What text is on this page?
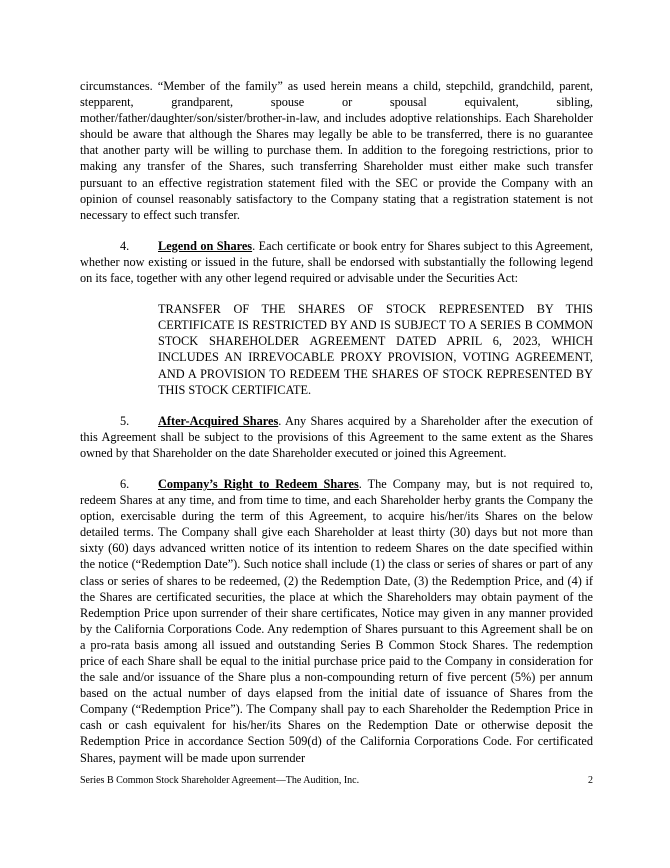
circumstances. “Member of the family” as used herein means a child, stepchild, grandchild, parent, stepparent, grandparent, spouse or spousal equivalent, sibling, mother/father/daughter/son/sister/brother-in-law, and includes adoptive relationships. Each Shareholder should be aware that although the Shares may legally be able to be transferred, there is no guarantee that another party will be willing to purchase them. In addition to the foregoing restrictions, prior to making any transfer of the Shares, such transferring Shareholder must either make such transfer pursuant to an effective registration statement filed with the SEC or provide the Company with an opinion of counsel reasonably satisfactory to the Company stating that a registration statement is not necessary to effect such transfer.

4. Legend on Shares. Each certificate or book entry for Shares subject to this Agreement, whether now existing or issued in the future, shall be endorsed with substantially the following legend on its face, together with any other legend required or advisable under the Securities Act:

TRANSFER OF THE SHARES OF STOCK REPRESENTED BY THIS CERTIFICATE IS RESTRICTED BY AND IS SUBJECT TO A SERIES B COMMON STOCK SHAREHOLDER AGREEMENT DATED APRIL 6, 2023, WHICH INCLUDES AN IRREVOCABLE PROXY PROVISION, VOTING AGREEMENT, AND A PROVISION TO REDEEM THE SHARES OF STOCK REPRESENTED BY THIS STOCK CERTIFICATE.

5. After-Acquired Shares. Any Shares acquired by a Shareholder after the execution of this Agreement shall be subject to the provisions of this Agreement to the same extent as the Shares owned by that Shareholder on the date Shareholder executed or joined this Agreement.

6. Company’s Right to Redeem Shares. The Company may, but is not required to, redeem Shares at any time, and from time to time, and each Shareholder herby grants the Company the option, exercisable during the term of this Agreement, to acquire his/her/its Shares on the below detailed terms. The Company shall give each Shareholder at least thirty (30) days but not more than sixty (60) days advanced written notice of its intention to redeem Shares on the date specified within the notice (“Redemption Date”). Such notice shall include (1) the class or series of shares or part of any class or series of shares to be redeemed, (2) the Redemption Date, (3) the Redemption Price, and (4) if the Shares are certificated securities, the place at which the Shareholders may obtain payment of the Redemption Price upon surrender of their share certificates, Notice may given in any manner provided by the California Corporations Code. Any redemption of Shares pursuant to this Agreement shall be on a pro-rata basis among all issued and outstanding Series B Common Stock Shares. The redemption price of each Share shall be equal to the initial purchase price paid to the Company in consideration for the sale and/or issuance of the Share plus a non-compounding return of five percent (5%) per annum based on the actual number of days elapsed from the initial date of issuance of Shares from the Company (“Redemption Price”). The Company shall pay to each Shareholder the Redemption Price in cash or cash equivalent for his/her/its Shares on the Redemption Date or otherwise deposit the Redemption Price in accordance Section 509(d) of the California Corporations Code. For certificated Shares, payment will be made upon surrender

Series B Common Stock Shareholder Agreement—The Audition, Inc.	2
